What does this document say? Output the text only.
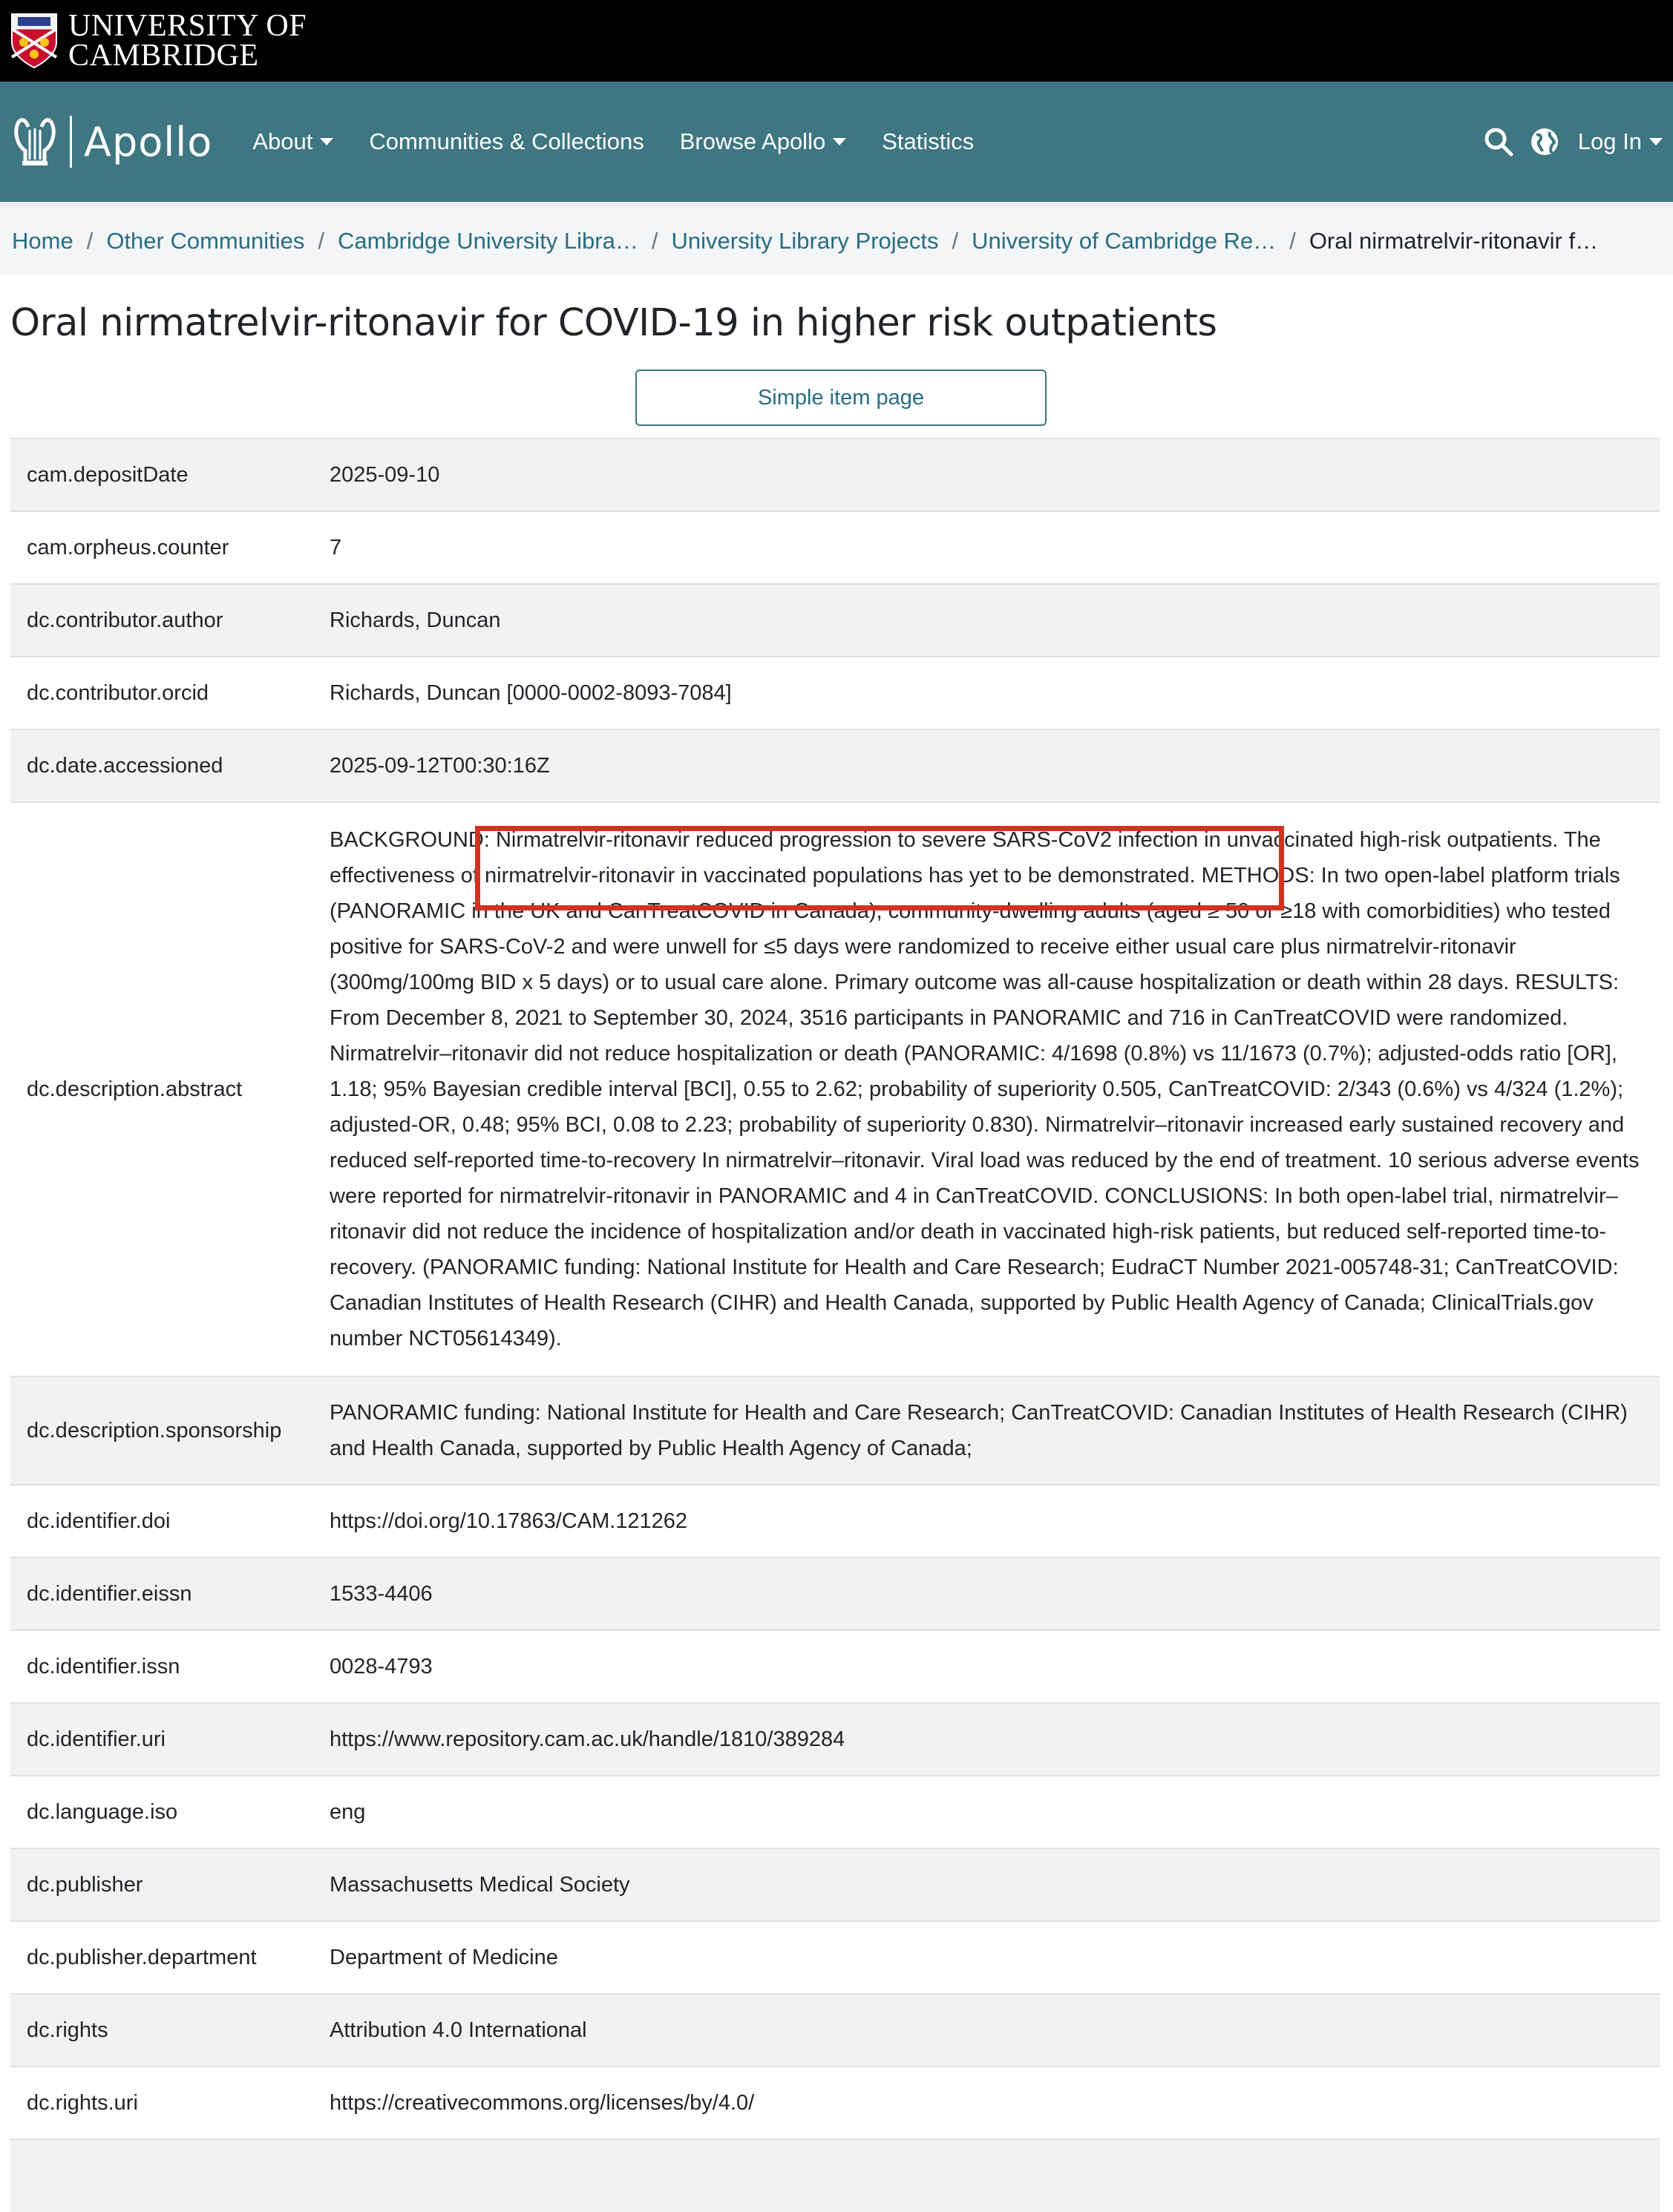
UNIVERSITY OF
CAMBRIDGE
Apollo About Communities & Collections Browse Apollo Statistics	Log In
Home / Other Communities / Cambridge University Libra… / University Library Projects / University of Cambridge Re… / Oral nirmatrelvir-ritonavir f…
Oral nirmatrelvir-ritonavir for COVID-19 in higher risk outpatients
Simple item page
cam.depositDate	2025-09-10
cam.orpheus.counter	7
dc.contributor.author	Richards, Duncan
dc.contributor.orcid	Richards, Duncan [0000-0002-8093-7084]
dc.date.accessioned	2025-09-12T00:30:16Z
dc.description.abstract	BACKGROUND: Nirmatrelvir-ritonavir reduced progression to severe SARS-CoV2 infection in unvaccinated high-risk outpatients. The effectiveness of nirmatrelvir-ritonavir in vaccinated populations has yet to be demonstrated. METHODS: In two open-label platform trials (PANORAMIC in the UK and CanTreatCOVID in Canada), community-dwelling adults (aged ≥ 50 or ≥18 with comorbidities) who tested positive for SARS-CoV-2 and were unwell for ≤5 days were randomized to receive either usual care plus nirmatrelvir-ritonavir (300mg/100mg BID x 5 days) or to usual care alone. Primary outcome was all-cause hospitalization or death within 28 days. RESULTS: From December 8, 2021 to September 30, 2024, 3516 participants in PANORAMIC and 716 in CanTreatCOVID were randomized. Nirmatrelvir–ritonavir did not reduce hospitalization or death (PANORAMIC: 4/1698 (0.8%) vs 11/1673 (0.7%); adjusted-odds ratio [OR], 1.18; 95% Bayesian credible interval [BCI], 0.55 to 2.62; probability of superiority 0.505, CanTreatCOVID: 2/343 (0.6%) vs 4/324 (1.2%); adjusted-OR, 0.48; 95% BCI, 0.08 to 2.23; probability of superiority 0.830). Nirmatrelvir–ritonavir increased early sustained recovery and reduced self-reported time-to-recovery In nirmatrelvir–ritonavir. Viral load was reduced by the end of treatment. 10 serious adverse events were reported for nirmatrelvir-ritonavir in PANORAMIC and 4 in CanTreatCOVID. CONCLUSIONS: In both open-label trial, nirmatrelvir–ritonavir did not reduce the incidence of hospitalization and/or death in vaccinated high-risk patients, but reduced self-reported time-to-recovery. (PANORAMIC funding: National Institute for Health and Care Research; EudraCT Number 2021-005748-31; CanTreatCOVID: Canadian Institutes of Health Research (CIHR) and Health Canada, supported by Public Health Agency of Canada; ClinicalTrials.gov number NCT05614349).

dc.description.sponsorship	PANORAMIC funding: National Institute for Health and Care Research; CanTreatCOVID: Canadian Institutes of Health Research (CIHR) and Health Canada, supported by Public Health Agency of Canada;
dc.identifier.doi	https://doi.org/10.17863/CAM.121262
dc.identifier.eissn	1533-4406
dc.identifier.issn	0028-4793
dc.identifier.uri	https://www.repository.cam.ac.uk/handle/1810/389284
dc.language.iso	eng
dc.publisher	Massachusetts Medical Society
dc.publisher.department	Department of Medicine
dc.rights	Attribution 4.0 International
dc.rights.uri	https://creativecommons.org/licenses/by/4.0/
